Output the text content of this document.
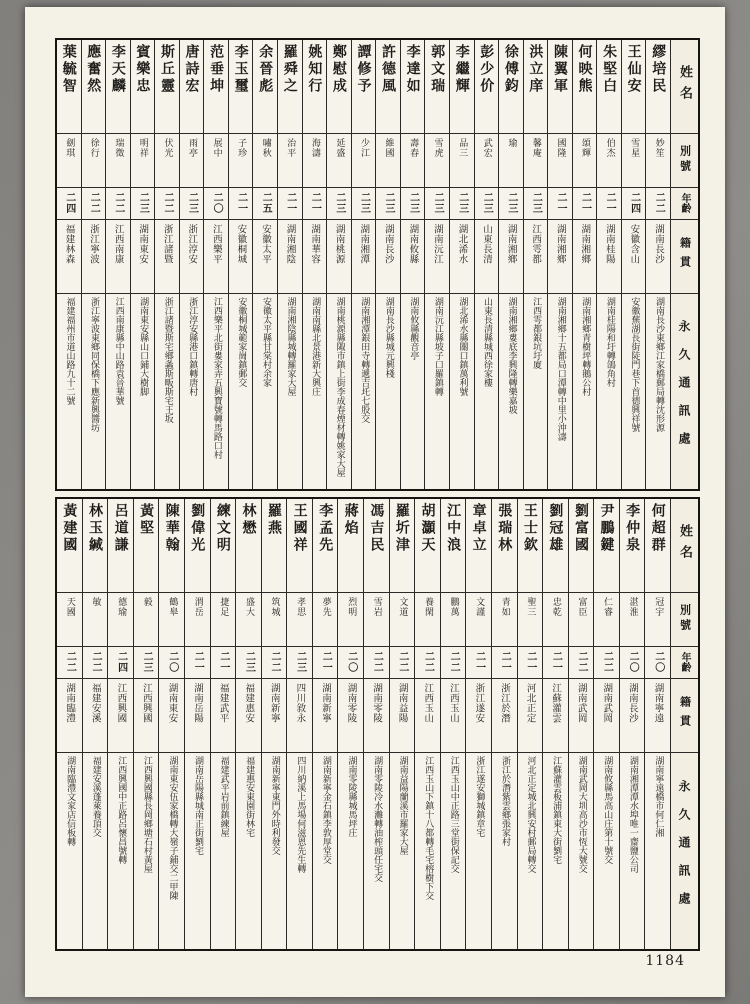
姓名
別號
年齡
籍貫
永久通訊處
繆培民
妙笙
二二
湖南長沙
湖南長沙東鄉江家橋郵局轉沈形源
王仙安
雪星
二四
安徽含山
安徽蕪湖長街陡門巷下首德興祥號
朱堅白
伯杰
二一
湖南桂陽
湖南桂陽和圩轉鴿角村
何映熊
頌輝
二一
湖南湘鄉
湖南湘鄉青樹坪轉鵝公村
陳翼軍
國隆
二一
湖南湘鄉
湖南湘鄉十五都局口潭轉中里小沖濤
洪立庠
馨庵
二三
江西雩都
江西雩都銀坑圩廈
徐傅鈞
瑜
二三
湖南湘鄉
湖南湘鄉婁底李興隆轉樂嘉坡
彭少价
武宏
二三
山東長清
山東長清縣城西徐家樓
李繼輝
品三
二三
湖北浠水
湖北浠水縣關口鎮萬利號
郭文瑞
雪虎
二三
湖南沅江
湖南沅江縣坡子口羅鎮轉
李達如
壽春
二三
湖南攸縣
湖南攸縣觀音亭
許德風
維國
二三
湖南長沙
湖南長沙縣城元興棧
譚修予
少江
二三
湖南湘潭
湖南湘潭銀田寺轉遞吉圫七股交
鄭慰成
延盛
二三
湖南桃源
湖南桃源縣陬市鎮上街李成春煙材轉姚家大屋
姚知行
海濤
二一
湖南華容
湖南南縣北景港新大興庄
羅舜之
治平
二一
湖南湘陰
湖南湘陰縣城轉羅家大屋
余晉彪
嘯秋
二五
安徽太平
安徽太平縣甘棠村余家
李玉璽
子珍
二一
安徽桐城
安徽桐城範家崗鎮郵交
范垂坤
展中
二〇
江西樂平
江西樂平北街婁家弄五興寶號轉馬路口村
唐詩宏
雨亭
二三
浙江淳安
浙江淳安縣港口鎮轉唐村
斯丘靈
伏光
二二
浙江諸暨
浙江諸暨斯宅鄉螽斯畈斯宅王坂
賓樂忠
明祥
二三
湖南東安
湖南東安縣山口鋪大樹脚
李天麟
瑞徵
二二
江西南康
江西南康縣中山路袁晉華號
應奮然
徐行
二二
浙江寧波
浙江寧波東鄉同保橋下應新興醬坊
葉毓智
劍琪
二四
福建林森
福建福州市道山路九十二號
姓名
別號
年齡
籍貫
永久通訊處
何超群
冠宇
二〇
湖南寧遠
湖南寧遠橋市何仁湘
李仲泉
湛淮
二〇
湖南長沙
湖南湘潭潭水埠唯一齋鹽公司
尹鵬鍵
仁睿
二二
湖南武岡
湖南攸縣馬高山庄第十號交
劉富國
富臣
二二
湖南武岡
湖南武岡大圳高沙市恆大號交
劉冠雄
忠乾
二一
江蘇灌雲
江蘇灌雲板浦鎮東大街劉宅
王士欽
聖三
二一
河北正定
河北正定城北興安村郵局轉交
張瑞林
青如
二一
浙江於潛
浙江於潛紫雲鄉張家村
章卓立
文謹
二一
浙江遂安
浙江遂安獅城鎮章宅
江中浪
鵬萬
二二
江西玉山
江西玉山中正路三堂街保記交
胡灝天
養閑
二二
江西玉山
江西玉山下鎮十八都轉毛宅榕樹下交
羅圻津
文道
二二
湖南益陽
湖南益陽蘭溪市羅家大屋
馮吉民
雪岩
二二
湖南零陵
湖南零陵冷水灘轉油榨頭任宅交
蔣焰
烈明
二〇
湖南零陵
湖南零陵縣城馬坪庄
李孟先
夢先
二一
湖南新寧
湖南新寧金石鎮李敦厚堂交
王國祥
孝思
二三
四川敘永
四川納溪上馬場何滋恩先生轉
羅燕
筑城
二二
湖南新寧
湖南新寧東門外時利發交
林懋
盛大
二三
福建惠安
福建惠安東園街林宅
練文明
捷足
二一
福建武平
福建武平岩前鎮練屋
劉偉光
渭岳
二一
湖南岳陽
湖南岳陽縣城南正街劉宅
陳華翰
鶴皋
二〇
湖南東安
湖南東安伍家橋轉大嶺子鋪交二甲陳
黃堅
毅
二三
江西興國
江西興國縣長岡鄉塘石村黃屋
呂道謙
德瑜
二四
江西興國
江西興國中正路呂懷昌號轉
林玉緘
敏
二二
福建安溪
福建安溪蓬萊養頂交
黃建國
天國
二二
湖南臨澧
湖南臨澧文家店信板轉
1184
